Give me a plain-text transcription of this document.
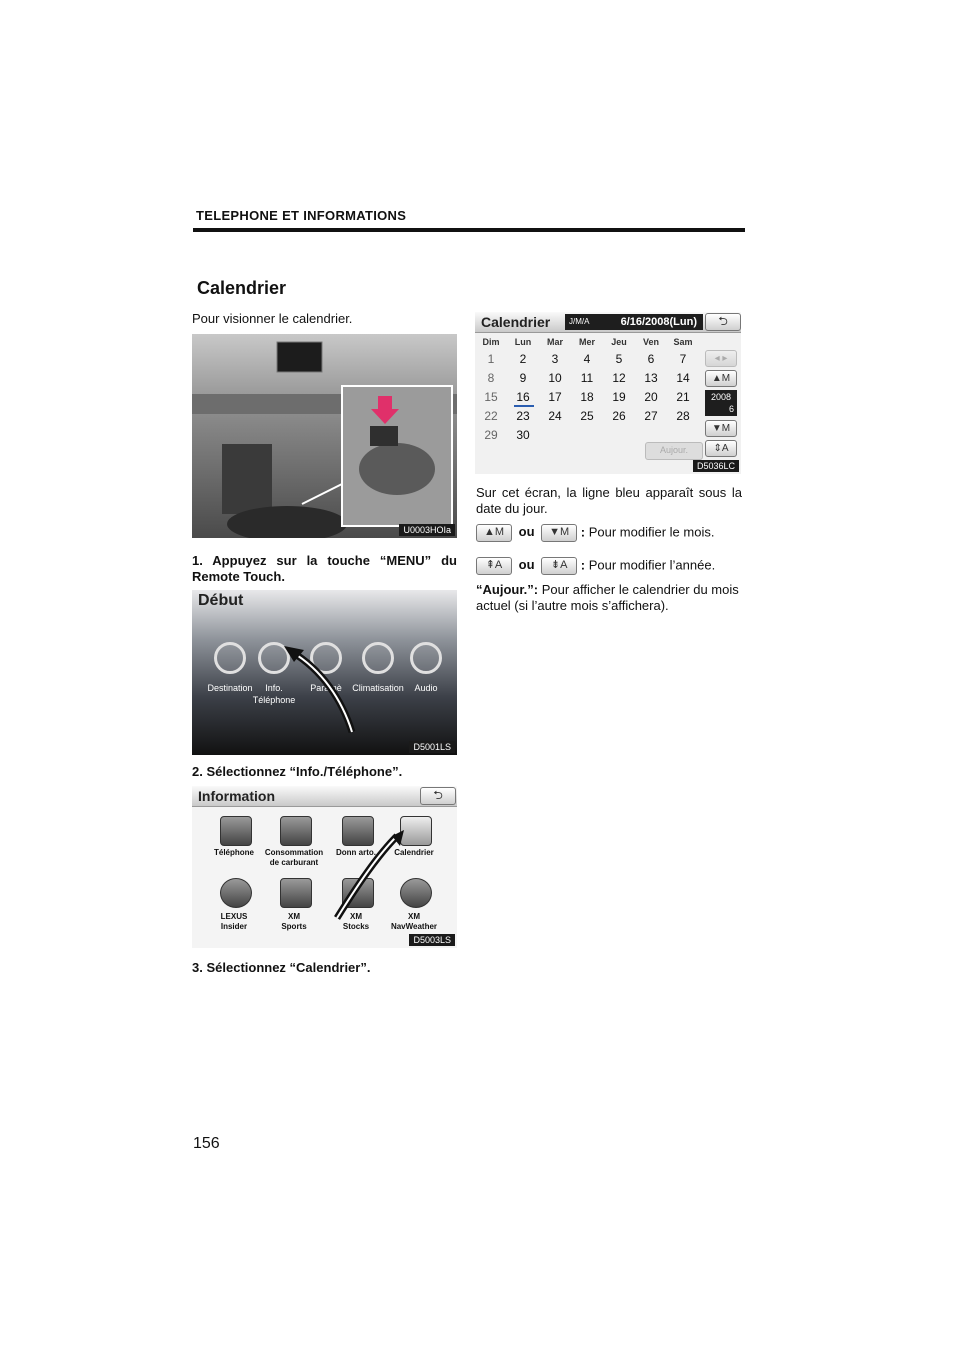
TELEPHONE ET INFORMATIONS
Calendrier
Pour visionner le calendrier.
U0003HOIa
1. Appuyez sur la touche “MENU” du Remote Touch.
Début
Destination	Info.
Téléphone
Paramè	Climatisation	Audio
D5001LS
2. Sélectionnez “Info./Téléphone”.
Information	⮌
Téléphone	Consommation
de carburant
Donn arto.	Calendrier
LEXUS
Insider
XM
Sports
XM
Stocks
XM
NavWeather
D5003LS
3. Sélectionnez “Calendrier”.
Calendrier J/M/A	6/16/2008(Lun)	⮌
Dim	Lun	Mar	Mer	Jeu	Ven	Sam
1	2	3	4	5	6	7
8	9	10	11	12	13	14
15	16	17	18	19	20	21
22	23	24	25	26	27	28
29	30
◂ ▸
▲M
2008
6
▼M
⇕A
Aujour.
D5036LC
Sur cet écran, la ligne bleu apparaît sous la date du jour.
▲M ou ▼M : Pour modifier le mois.
⇞A ou ⇟A : Pour modifier l’année.
“Aujour.”: Pour afficher le calendrier du mois actuel (si l’autre mois s’affichera).
156
